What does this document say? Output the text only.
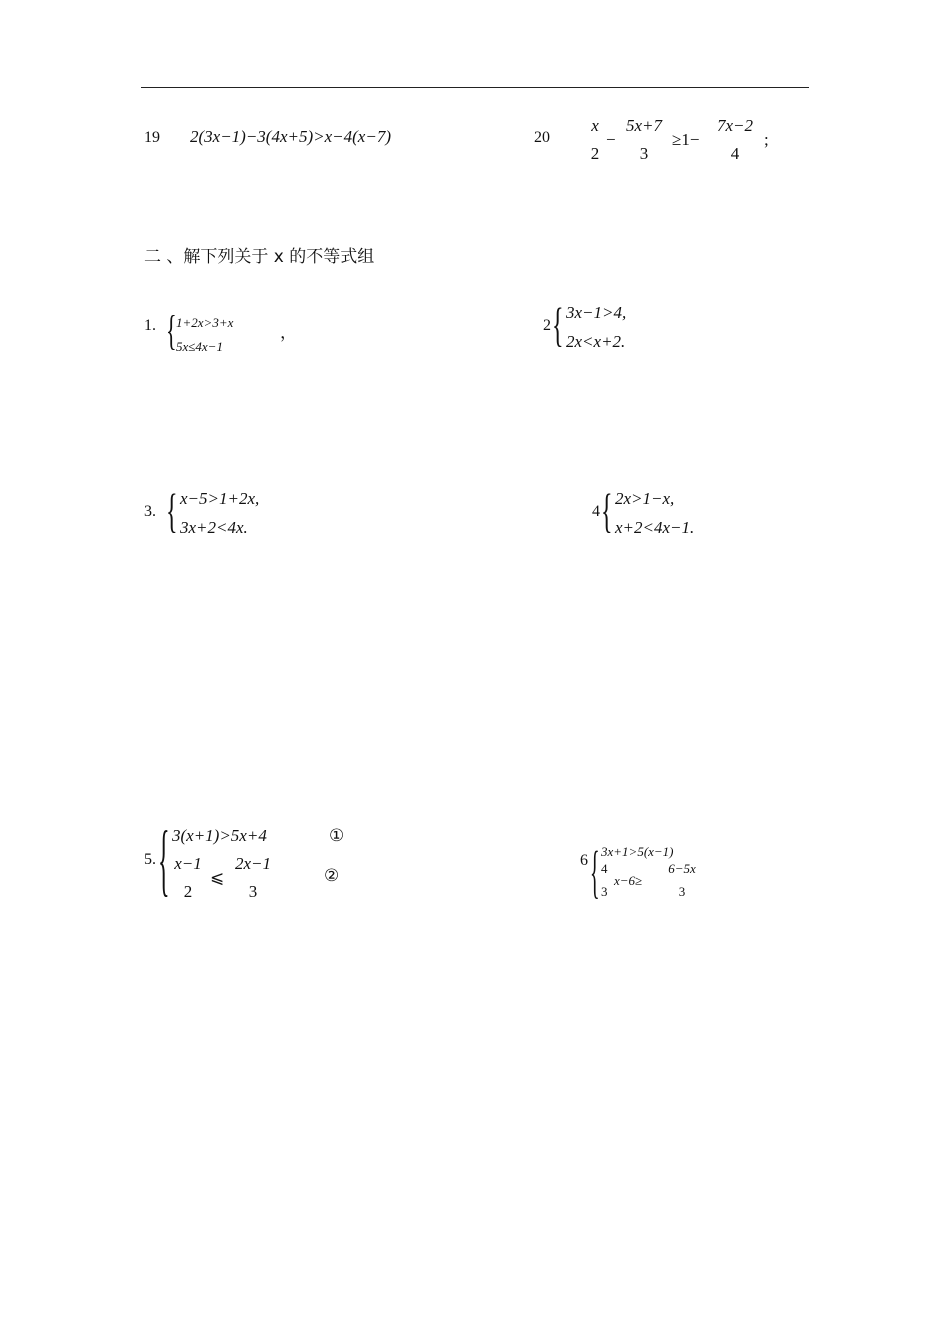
19 2(3x−1)−3(4x+5)>x−4(x−7)	20
x
2
−
5x+7
3
≥1−
7x−2
4
;
二 、解下列关于 x 的不等式组
1. { 1+2x>3+x
5x≤4x−1
，	2 { 3x−1>4,
2x<x+2.
3. { x−5>1+2x,
3x+2<4x.
4 { 2x>1−x,
x+2<4x−1.
5. { 3(x+1)>5x+4	①
x−1
2
⩽
2x−1
3
②
6 { 3x+1>5(x−1)
4
3
x−6≥
6−5x
3
